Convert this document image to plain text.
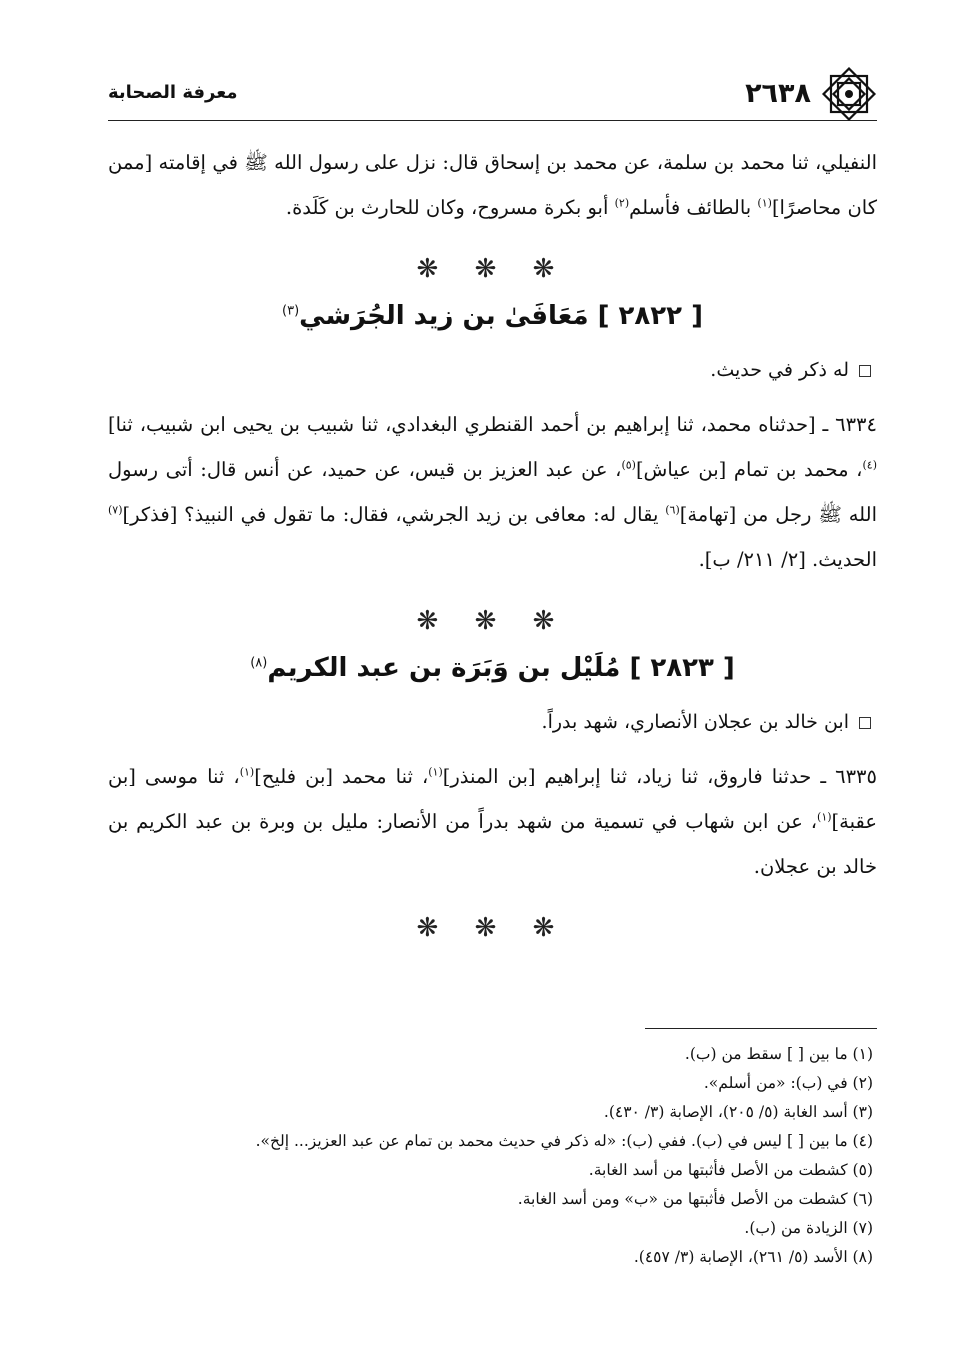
٢٦٣٨
معرفة الصحابة

النفيلي، ثنا محمد بن سلمة، عن محمد بن إسحاق قال: نزل على رسول الله ﷺ في إقامته [ممن كان محاصرًا]$^{(١)}$ بالطائف فأسلم$^{(٢)}$ أبو بكرة مسروح، وكان للحارث بن كَلَدة.

❋ ❋ ❋
[ ٢٨٢٢ ] مَعَافَىٰ بن زيد الجُرَشي$^{(٣)}$

له ذكر في حديث.

٦٣٣٤ ـ [حدثناه محمد، ثنا إبراهيم بن أحمد القنطري البغدادي، ثنا شبيب بن يحيى ابن شبيب، ثنا]$^{(٤)}$، محمد بن تمام [بن عياش]$^{(٥)}$، عن عبد العزيز بن قيس، عن حميد، عن أنس قال: أتى رسول الله ﷺ رجل من [تهامة]$^{(٦)}$ يقال له: معافى بن زيد الجرشي، فقال: ما تقول في النبيذ؟ [فذكر]$^{(٧)}$ الحديث. [٢/ ٢١١/ ب].

❋ ❋ ❋
[ ٢٨٢٣ ] مُلَيْل بن وَبَرَة بن عبد الكريم$^{(٨)}$

ابن خالد بن عجلان الأنصاري، شهد بدراً.

٦٣٣٥ ـ حدثنا فاروق، ثنا زياد، ثنا إبراهيم [بن المنذر]$^{(١)}$، ثنا محمد [بن فليح]$^{(١)}$، ثنا موسى [بن عقبة]$^{(١)}$، عن ابن شهاب في تسمية من شهد بدراً من الأنصار: مليل بن وبرة بن عبد الكريم بن خالد بن عجلان.

❋ ❋ ❋
(١) ما بين [ ] سقط من (ب).
(٢) في (ب): «من أسلم».
(٣) أسد الغابة (٥/ ٢٠٥)، الإصابة (٣/ ٤٣٠).
(٤) ما بين [ ] ليس في (ب). ففي (ب): «له ذكر في حديث محمد بن تمام عن عبد العزيز... إلخ».
(٥) كشطت من الأصل فأثبتها من أسد الغابة.
(٦) كشطت من الأصل فأثبتها من «ب» ومن أسد الغابة.
(٧) الزيادة من (ب).
(٨) الأسد (٥/ ٢٦١)، الإصابة (٣/ ٤٥٧).
